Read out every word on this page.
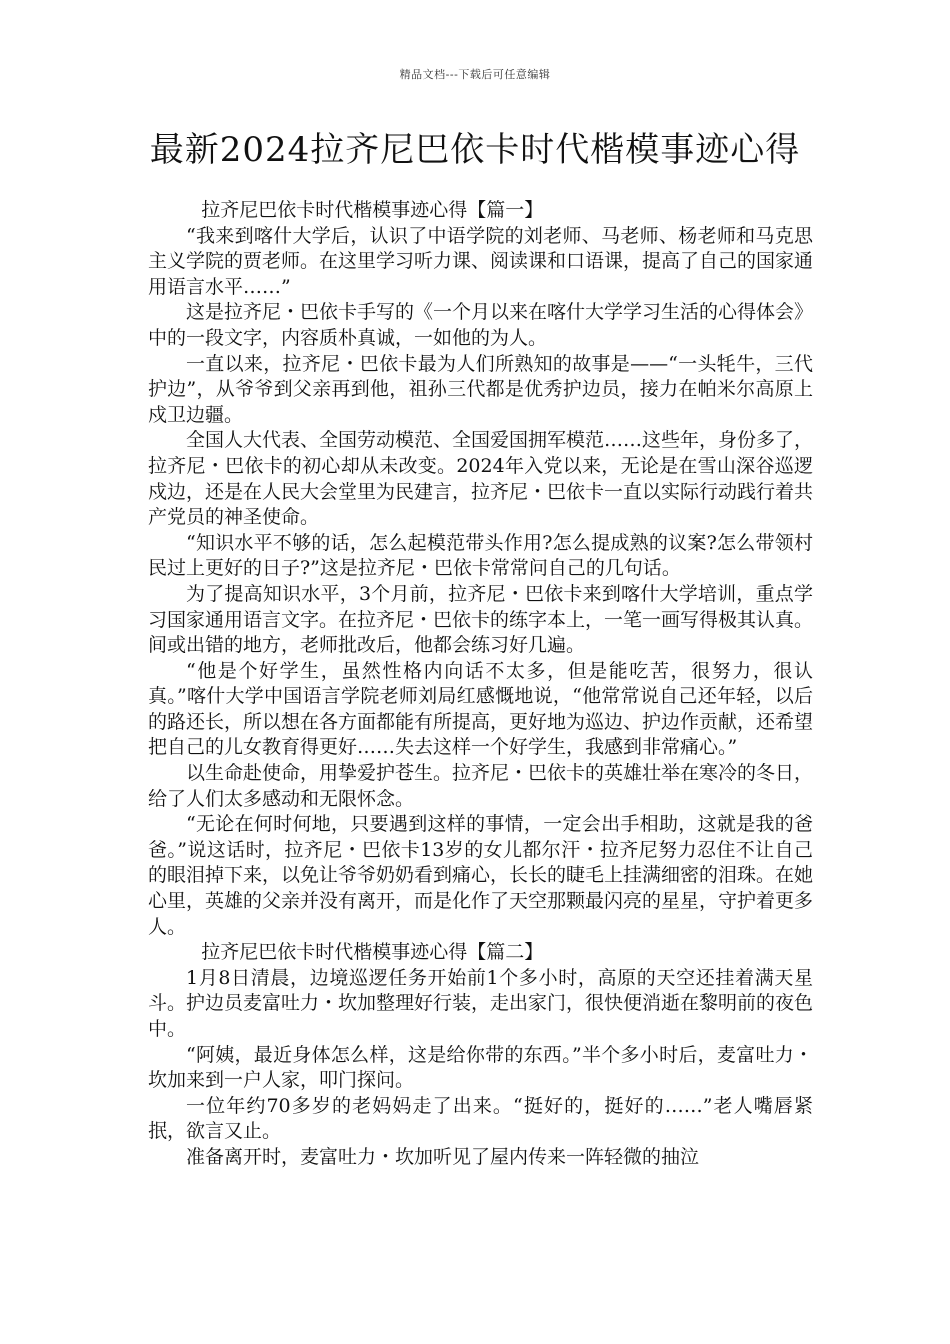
精品文档---下载后可任意编辑
最新2024拉齐尼巴依卡时代楷模事迹心得

拉齐尼巴依卡时代楷模事迹心得【篇一】

“我来到喀什大学后，认识了中语学院的刘老师、马老师、杨老师和马克思主义学院的贾老师。在这里学习听力课、阅读课和口语课，提高了自己的国家通用语言水平……”

这是拉齐尼・巴依卡手写的《一个月以来在喀什大学学习生活的心得体会》中的一段文字，内容质朴真诚，一如他的为人。

一直以来，拉齐尼・巴依卡最为人们所熟知的故事是——“一头牦牛，三代护边”，从爷爷到父亲再到他，祖孙三代都是优秀护边员，接力在帕米尔高原上戍卫边疆。

全国人大代表、全国劳动模范、全国爱国拥军模范……这些年，身份多了，拉齐尼・巴依卡的初心却从未改变。2024年入党以来，无论是在雪山深谷巡逻戍边，还是在人民大会堂里为民建言，拉齐尼・巴依卡一直以实际行动践行着共产党员的神圣使命。

“知识水平不够的话，怎么起模范带头作用?怎么提成熟的议案?怎么带领村民过上更好的日子?”这是拉齐尼・巴依卡常常问自己的几句话。

为了提高知识水平，3个月前，拉齐尼・巴依卡来到喀什大学培训，重点学习国家通用语言文字。在拉齐尼・巴依卡的练字本上，一笔一画写得极其认真。间或出错的地方，老师批改后，他都会练习好几遍。

“他是个好学生，虽然性格内向话不太多，但是能吃苦，很努力，很认真。”喀什大学中国语言学院老师刘局红感慨地说，“他常常说自己还年轻，以后的路还长，所以想在各方面都能有所提高，更好地为巡边、护边作贡献，还希望把自己的儿女教育得更好……失去这样一个好学生，我感到非常痛心。”

以生命赴使命，用挚爱护苍生。拉齐尼・巴依卡的英雄壮举在寒冷的冬日，给了人们太多感动和无限怀念。

“无论在何时何地，只要遇到这样的事情，一定会出手相助，这就是我的爸爸。”说这话时，拉齐尼・巴依卡13岁的女儿都尔汗・拉齐尼努力忍住不让自己的眼泪掉下来，以免让爷爷奶奶看到痛心，长长的睫毛上挂满细密的泪珠。在她心里，英雄的父亲并没有离开，而是化作了天空那颗最闪亮的星星，守护着更多人。

拉齐尼巴依卡时代楷模事迹心得【篇二】

1月8日清晨，边境巡逻任务开始前1个多小时，高原的天空还挂着满天星斗。护边员麦富吐力・坎加整理好行装，走出家门，很快便消逝在黎明前的夜色中。

“阿姨，最近身体怎么样，这是给你带的东西。”半个多小时后，麦富吐力・坎加来到一户人家，叩门探问。

一位年约70多岁的老妈妈走了出来。“挺好的，挺好的……”老人嘴唇紧抿，欲言又止。

准备离开时，麦富吐力・坎加听见了屋内传来一阵轻微的抽泣
